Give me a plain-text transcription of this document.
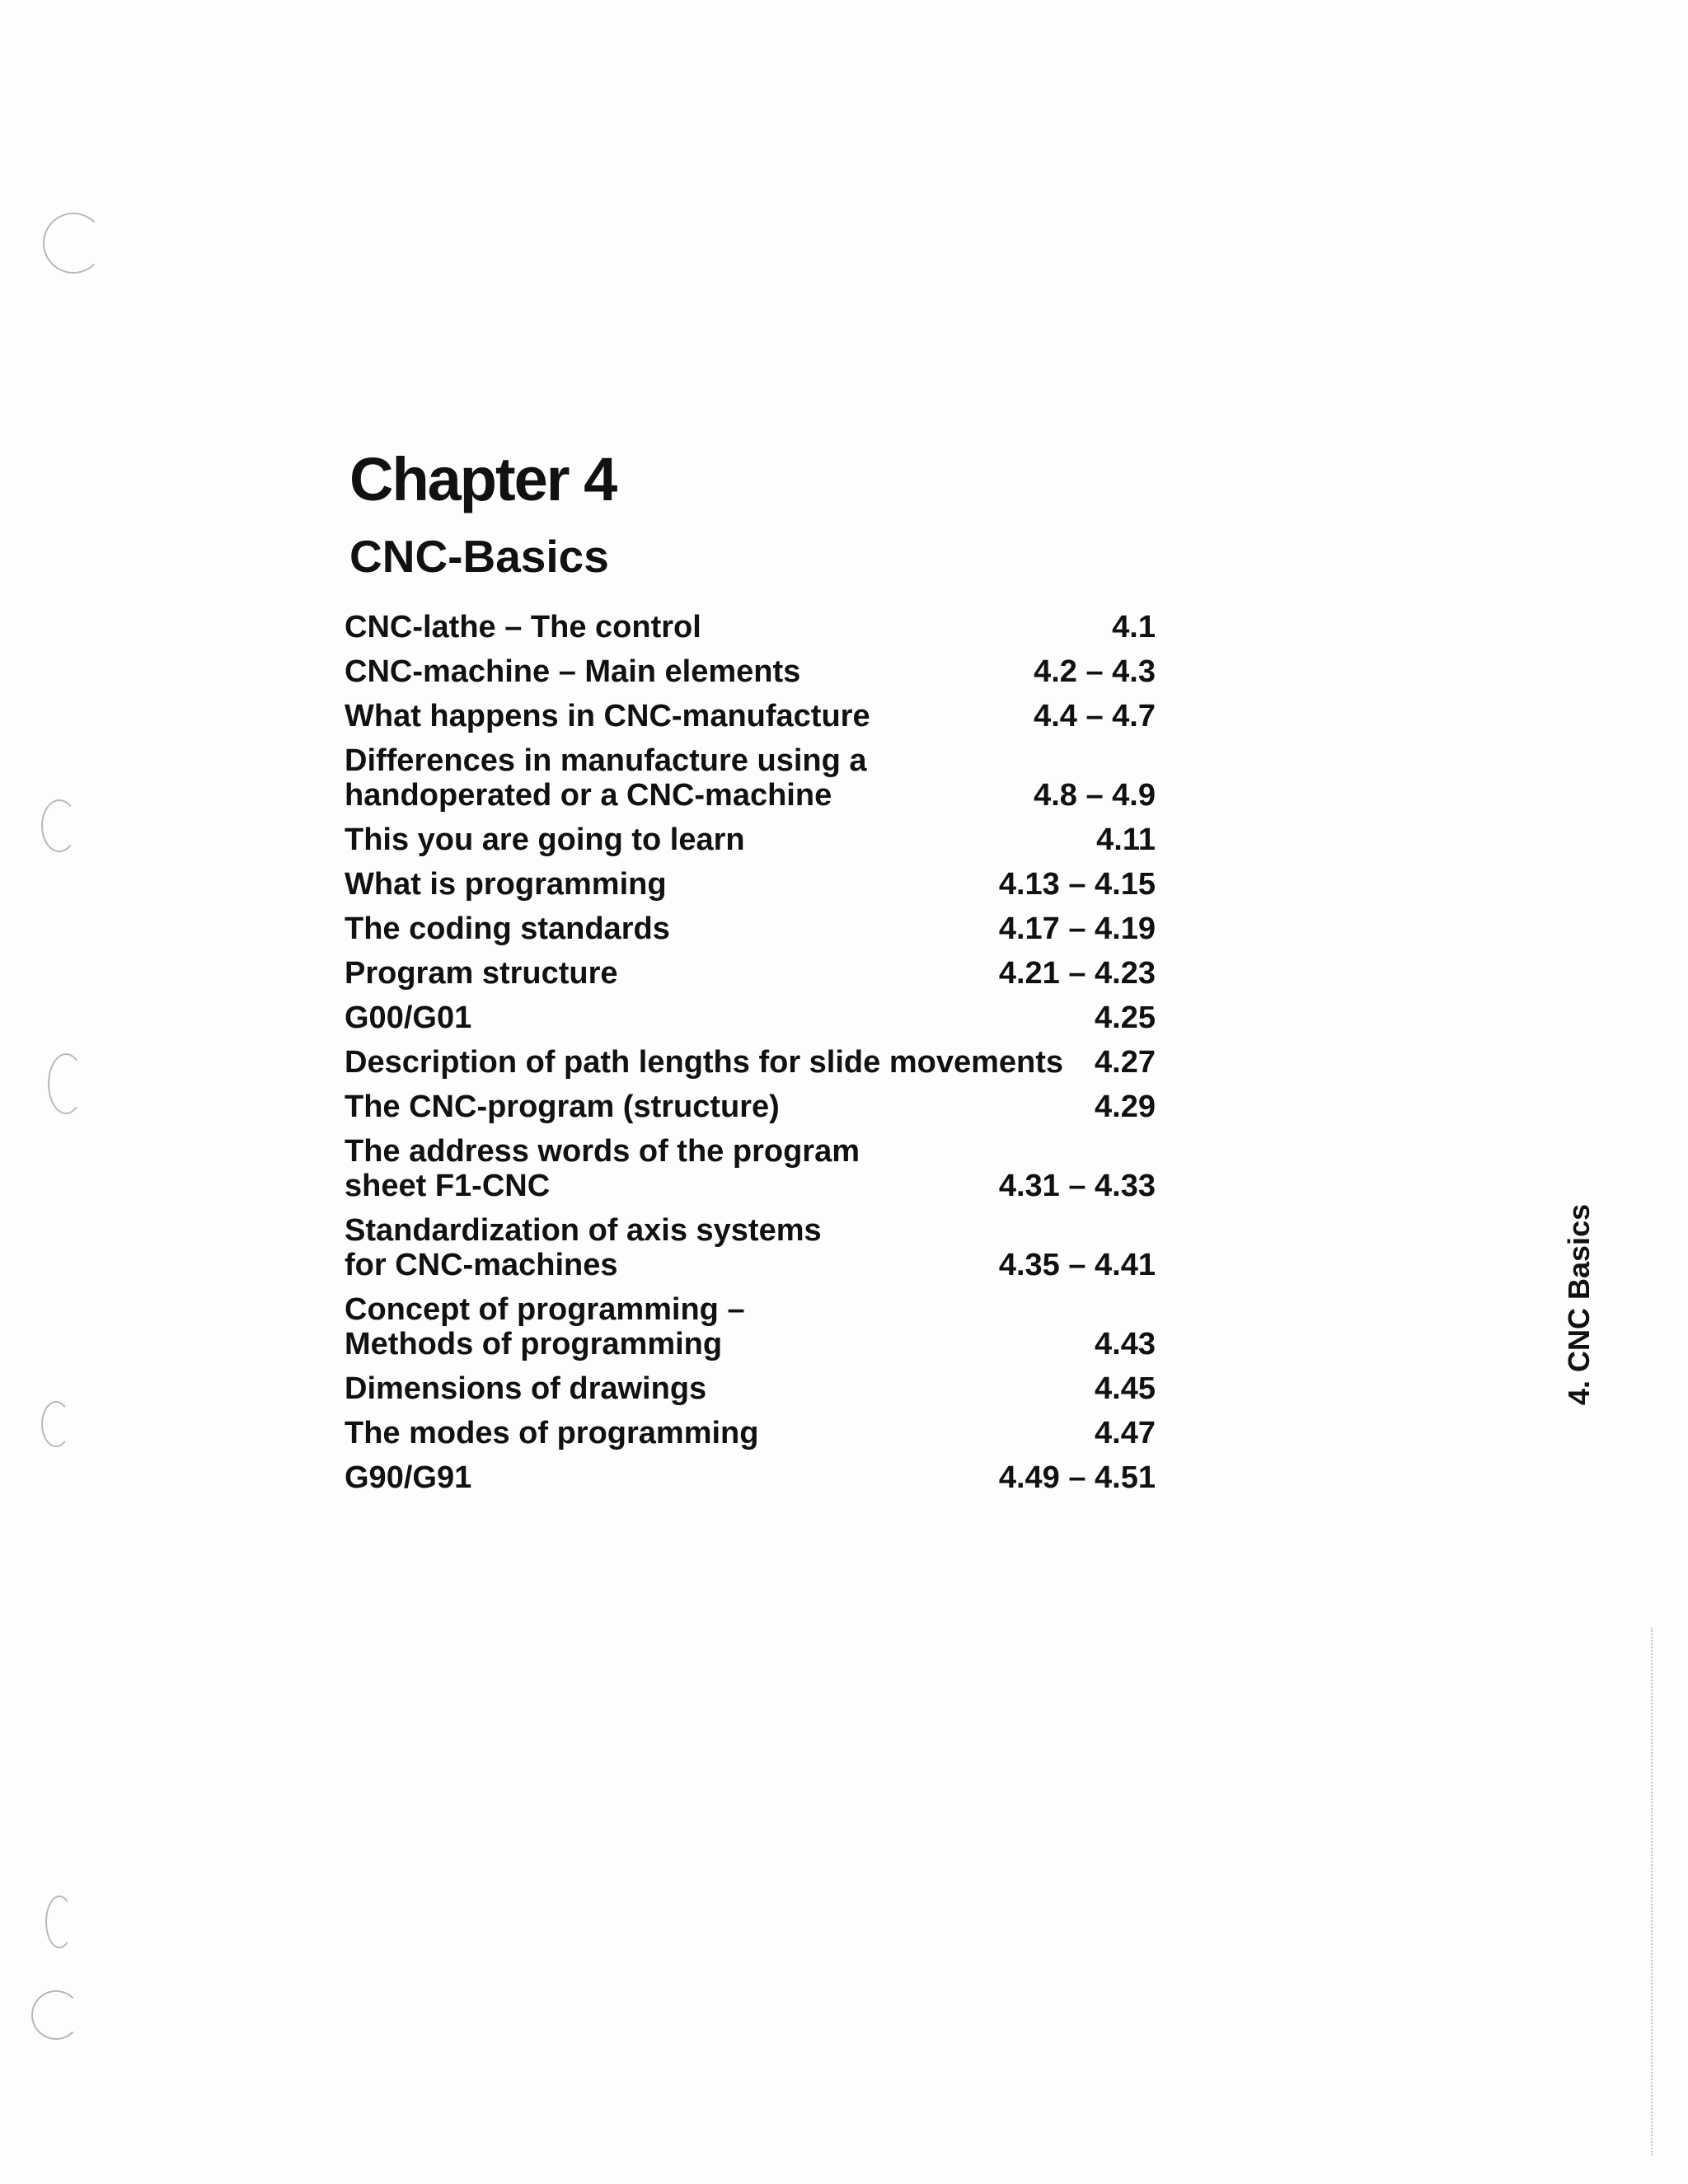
Chapter 4
CNC-Basics
CNC-lathe – The control	4.1
CNC-machine – Main elements	4.2 – 4.3
What happens in CNC-manufacture	4.4 – 4.7
Differences in manufacture using a
handoperated or a CNC-machine	4.8 – 4.9
This you are going to learn	4.11
What is programming	4.13 – 4.15
The coding standards	4.17 – 4.19
Program structure	4.21 – 4.23
G00/G01	4.25
Description of path lengths for slide movements 4.27
The CNC-program (structure)	4.29
The address words of the program
sheet F1-CNC	4.31 – 4.33
Standardization of axis systems
for CNC-machines	4.35 – 4.41
Concept of programming –
Methods of programming	4.43
Dimensions of drawings	4.45
The modes of programming	4.47
G90/G91	4.49 – 4.51
4. CNC Basics
